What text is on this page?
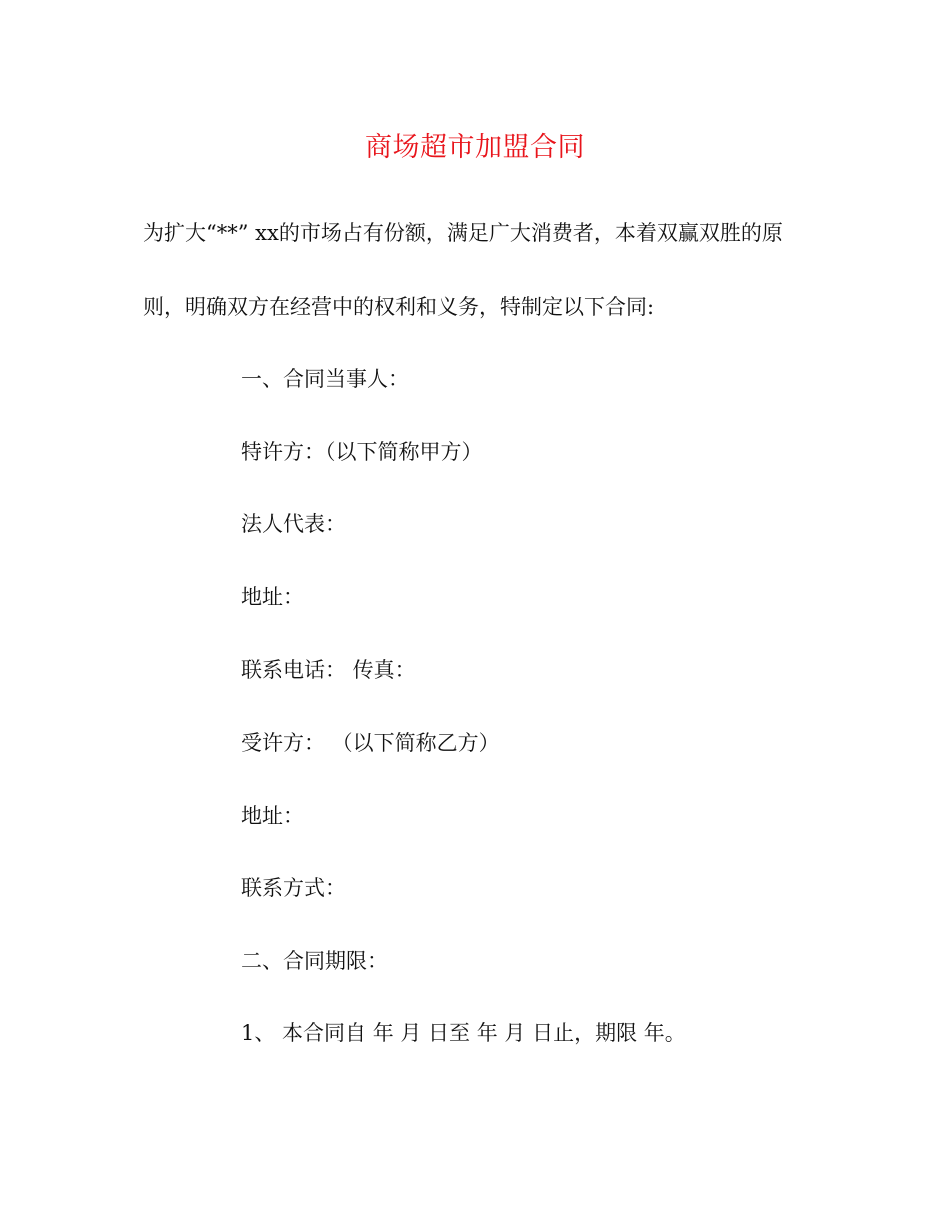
商场超市加盟合同
为扩大“**” xx的市场占有份额，满足广大消费者，本着双赢双胜的原
则，明确双方在经营中的权利和义务，特制定以下合同:
一、合同当事人：
特许方：（以下简称甲方）
法人代表：
地址：
联系电话： 传真：
受许方： （以下简称乙方）
地址：
联系方式：
二、合同期限：
1、 本合同自 年 月 日至 年 月 日止，期限 年。
